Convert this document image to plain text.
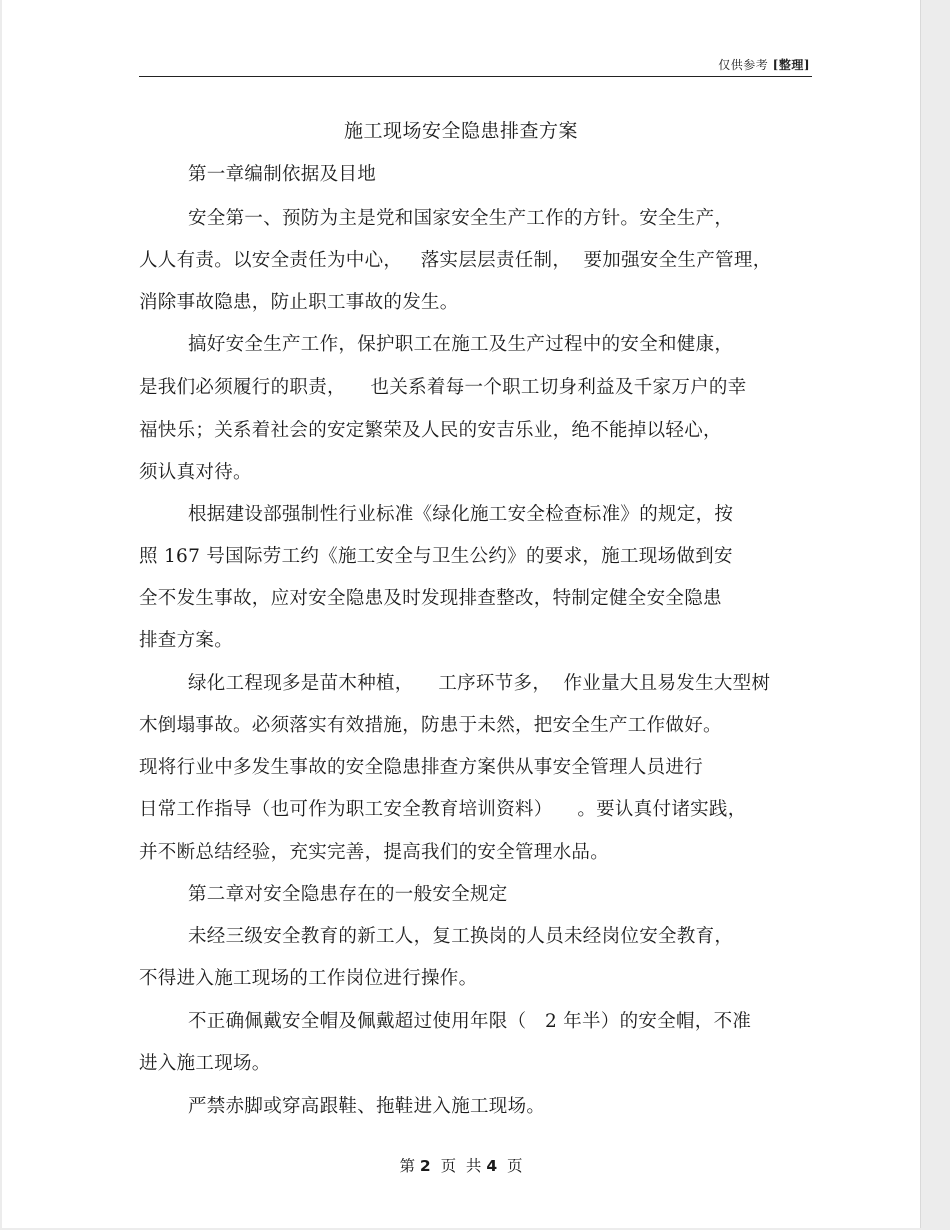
仅供参考 [整理]
施工现场安全隐患排查方案
第一章编制依据及目地
安全第一、预防为主是党和国家安全生产工作的方针。安全生产，
人人有责。以安全责任为中心，   落实层层责任制，  要加强安全生产管理，
消除事故隐患，防止职工事故的发生。
搞好安全生产工作，保护职工在施工及生产过程中的安全和健康，
是我们必须履行的职责，    也关系着每一个职工切身利益及千家万户的幸
福快乐；关系着社会的安定繁荣及人民的安吉乐业，绝不能掉以轻心，
须认真对待。
根据建设部强制性行业标准《绿化施工安全检查标准》的规定，按
照 167 号国际劳工约《施工安全与卫生公约》的要求，施工现场做到安
全不发生事故，应对安全隐患及时发现排查整改，特制定健全安全隐患
排查方案。
绿化工程现多是苗木种植，    工序环节多，  作业量大且易发生大型树
木倒塌事故。必须落实有效措施，防患于未然，把安全生产工作做好。
现将行业中多发生事故的安全隐患排查方案供从事安全管理人员进行
日常工作指导（也可作为职工安全教育培训资料）    。要认真付诸实践，
并不断总结经验，充实完善，提高我们的安全管理水品。
第二章对安全隐患存在的一般安全规定
未经三级安全教育的新工人，复工换岗的人员未经岗位安全教育，
不得进入施工现场的工作岗位进行操作。
不正确佩戴安全帽及佩戴超过使用年限（   2 年半）的安全帽，不准
进入施工现场。
严禁赤脚或穿高跟鞋、拖鞋进入施工现场。
第 2  页  共 4  页
